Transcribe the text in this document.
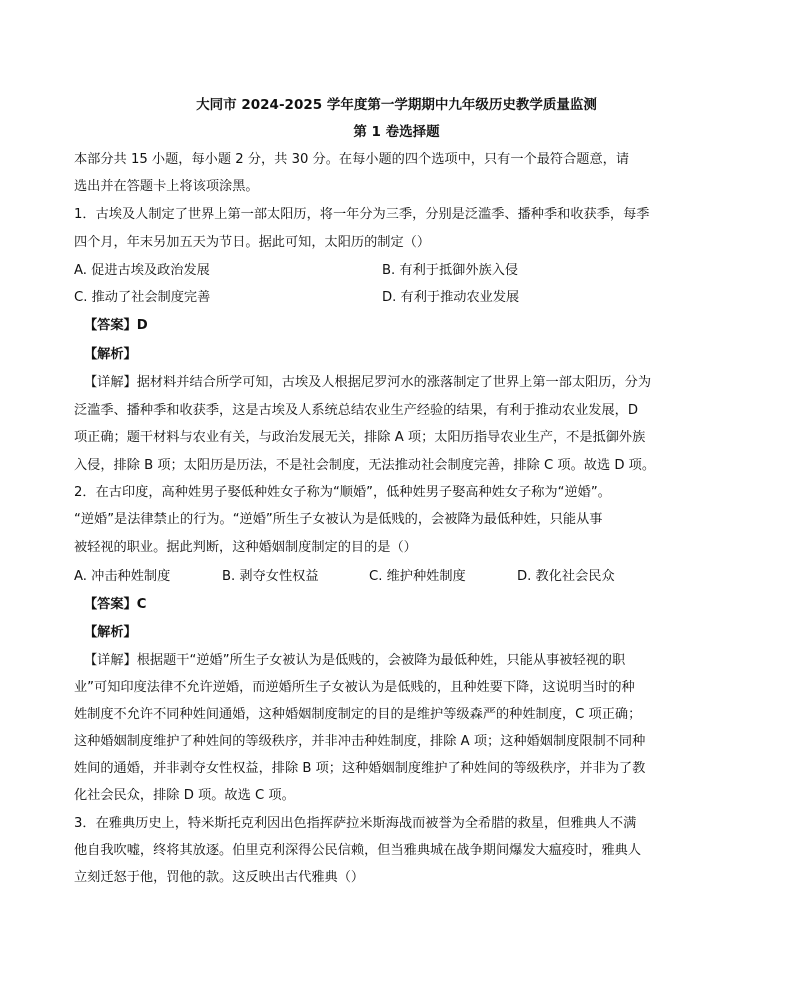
大同市 2024-2025 学年度第一学期期中九年级历史教学质量监测
第 1 卷选择题
本部分共 15 小题，每小题 2 分，共 30 分。在每小题的四个选项中，只有一个最符合题意，请
选出并在答题卡上将该项涂黑。
1．古埃及人制定了世界上第一部太阳历，将一年分为三季，分别是泛滥季、播种季和收获季，每季
四个月，年末另加五天为节日。据此可知，太阳历的制定（）
A. 促进古埃及政治发展	B. 有利于抵御外族入侵
C. 推动了社会制度完善	D. 有利于推动农业发展
【答案】D
【解析】
【详解】据材料并结合所学可知，古埃及人根据尼罗河水的涨落制定了世界上第一部太阳历，分为
泛滥季、播种季和收获季，这是古埃及人系统总结农业生产经验的结果，有利于推动农业发展，D
项正确；题干材料与农业有关，与政治发展无关，排除 A 项；太阳历指导农业生产，不是抵御外族
入侵，排除 B 项；太阳历是历法，不是社会制度，无法推动社会制度完善，排除 C 项。故选 D 项。
2．在古印度，高种姓男子娶低种姓女子称为“顺婚”，低种姓男子娶高种姓女子称为“逆婚”。
“逆婚”是法律禁止的行为。“逆婚”所生子女被认为是低贱的，会被降为最低种姓，只能从事
被轻视的职业。据此判断，这种婚姻制度制定的目的是（）
A. 冲击种姓制度	B. 剥夺女性权益	C. 维护种姓制度	D. 教化社会民众
【答案】C
【解析】
【详解】根据题干“逆婚”所生子女被认为是低贱的，会被降为最低种姓，只能从事被轻视的职
业”可知印度法律不允许逆婚，而逆婚所生子女被认为是低贱的，且种姓要下降，这说明当时的种
姓制度不允许不同种姓间通婚，这种婚姻制度制定的目的是维护等级森严的种姓制度，C 项正确；
这种婚姻制度维护了种姓间的等级秩序，并非冲击种姓制度，排除 A 项；这种婚姻制度限制不同种
姓间的通婚，并非剥夺女性权益，排除 B 项；这种婚姻制度维护了种姓间的等级秩序，并非为了教
化社会民众，排除 D 项。故选 C 项。
3．在雅典历史上，特米斯托克利因出色指挥萨拉米斯海战而被誉为全希腊的救星，但雅典人不满
他自我吹嘘，终将其放逐。伯里克利深得公民信赖，但当雅典城在战争期间爆发大瘟疫时，雅典人
立刻迁怒于他，罚他的款。这反映出古代雅典（）
